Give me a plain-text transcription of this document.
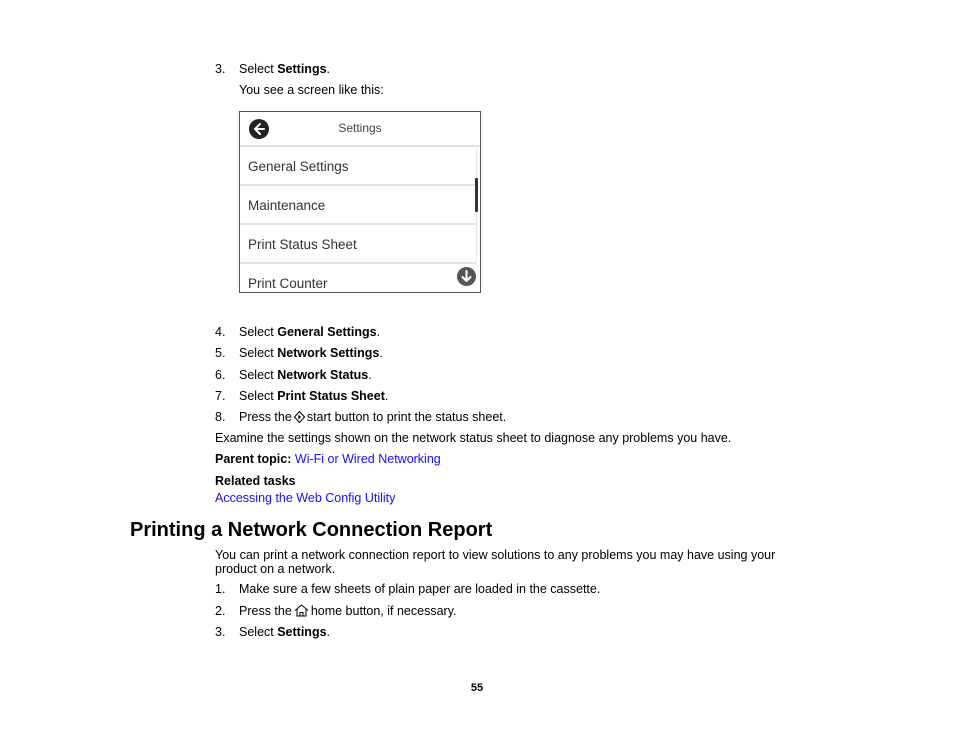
3.	Select Settings.
You see a screen like this:
Settings
General Settings
Maintenance
Print Status Sheet
Print Counter
4.	Select General Settings.
5.	Select Network Settings.
6.	Select Network Status.
7.	Select Print Status Sheet.
8.	Press the start button to print the status sheet.
Examine the settings shown on the network status sheet to diagnose any problems you have.
Parent topic: Wi-Fi or Wired Networking
Related tasks
Accessing the Web Config Utility
Printing a Network Connection Report
You can print a network connection report to view solutions to any problems you may have using your product on a network.
1.	Make sure a few sheets of plain paper are loaded in the cassette.
2.	Press the home button, if necessary.
3.	Select Settings.
55
